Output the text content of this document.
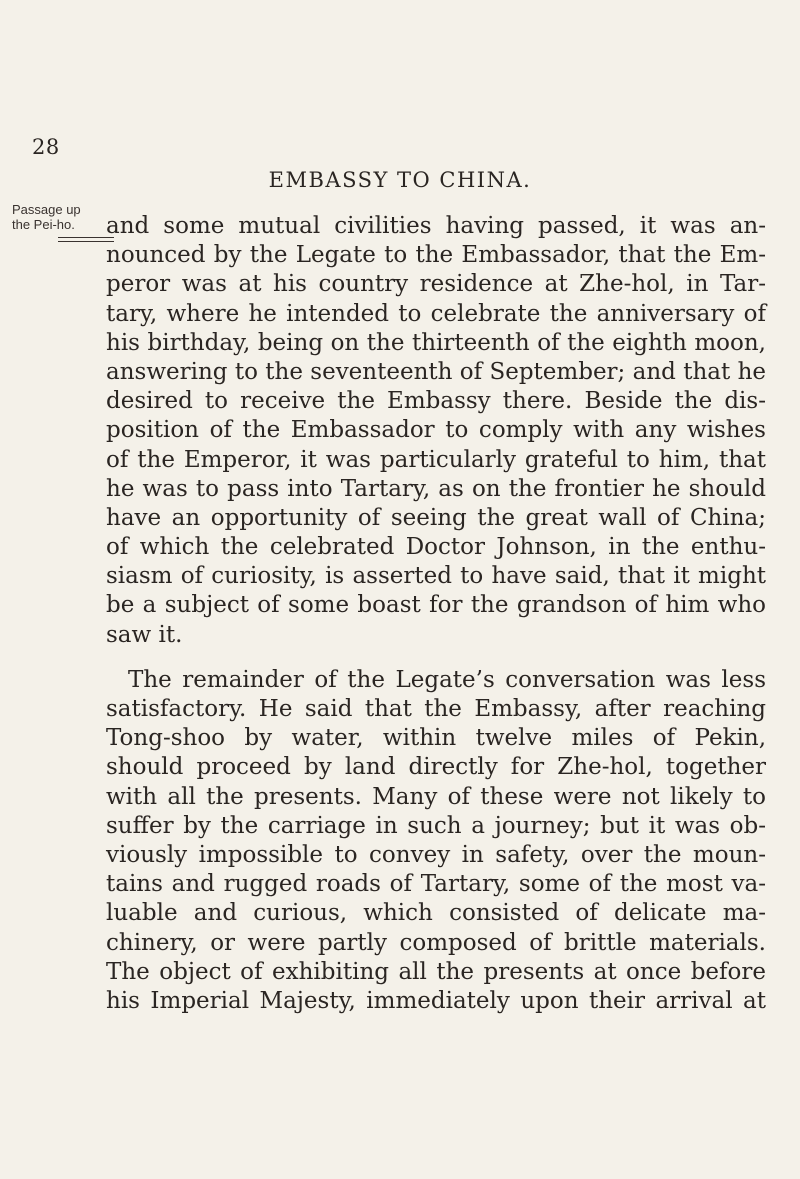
28
EMBASSY TO CHINA.
Passage up
the Pei-ho.	and some mutual civilities having passed, it was an-
nounced by the Legate to the Embassador, that the Em-
peror was at his country residence at Zhe-hol, in Tar-
tary, where he intended to celebrate the anniversary of
his birthday, being on the thirteenth of the eighth moon,
answering to the seventeenth of September; and that he
desired to receive the Embassy there. Beside the dis-
position of the Embassador to comply with any wishes
of the Emperor, it was particularly grateful to him, that
he was to pass into Tartary, as on the frontier he should
have an opportunity of seeing the great wall of China;
of which the celebrated Doctor Johnson, in the enthu-
siasm of curiosity, is asserted to have said, that it might
be a subject of some boast for the grandson of him who
saw it.
The remainder of the Legate’s conversation was less
satisfactory. He said that the Embassy, after reaching
Tong-shoo by water, within twelve miles of Pekin,
should proceed by land directly for Zhe-hol, together
with all the presents. Many of these were not likely to
suffer by the carriage in such a journey; but it was ob-
viously impossible to convey in safety, over the moun-
tains and rugged roads of Tartary, some of the most va-
luable and curious, which consisted of delicate ma-
chinery, or were partly composed of brittle materials.
The object of exhibiting all the presents at once before
his Imperial Majesty, immediately upon their arrival at
